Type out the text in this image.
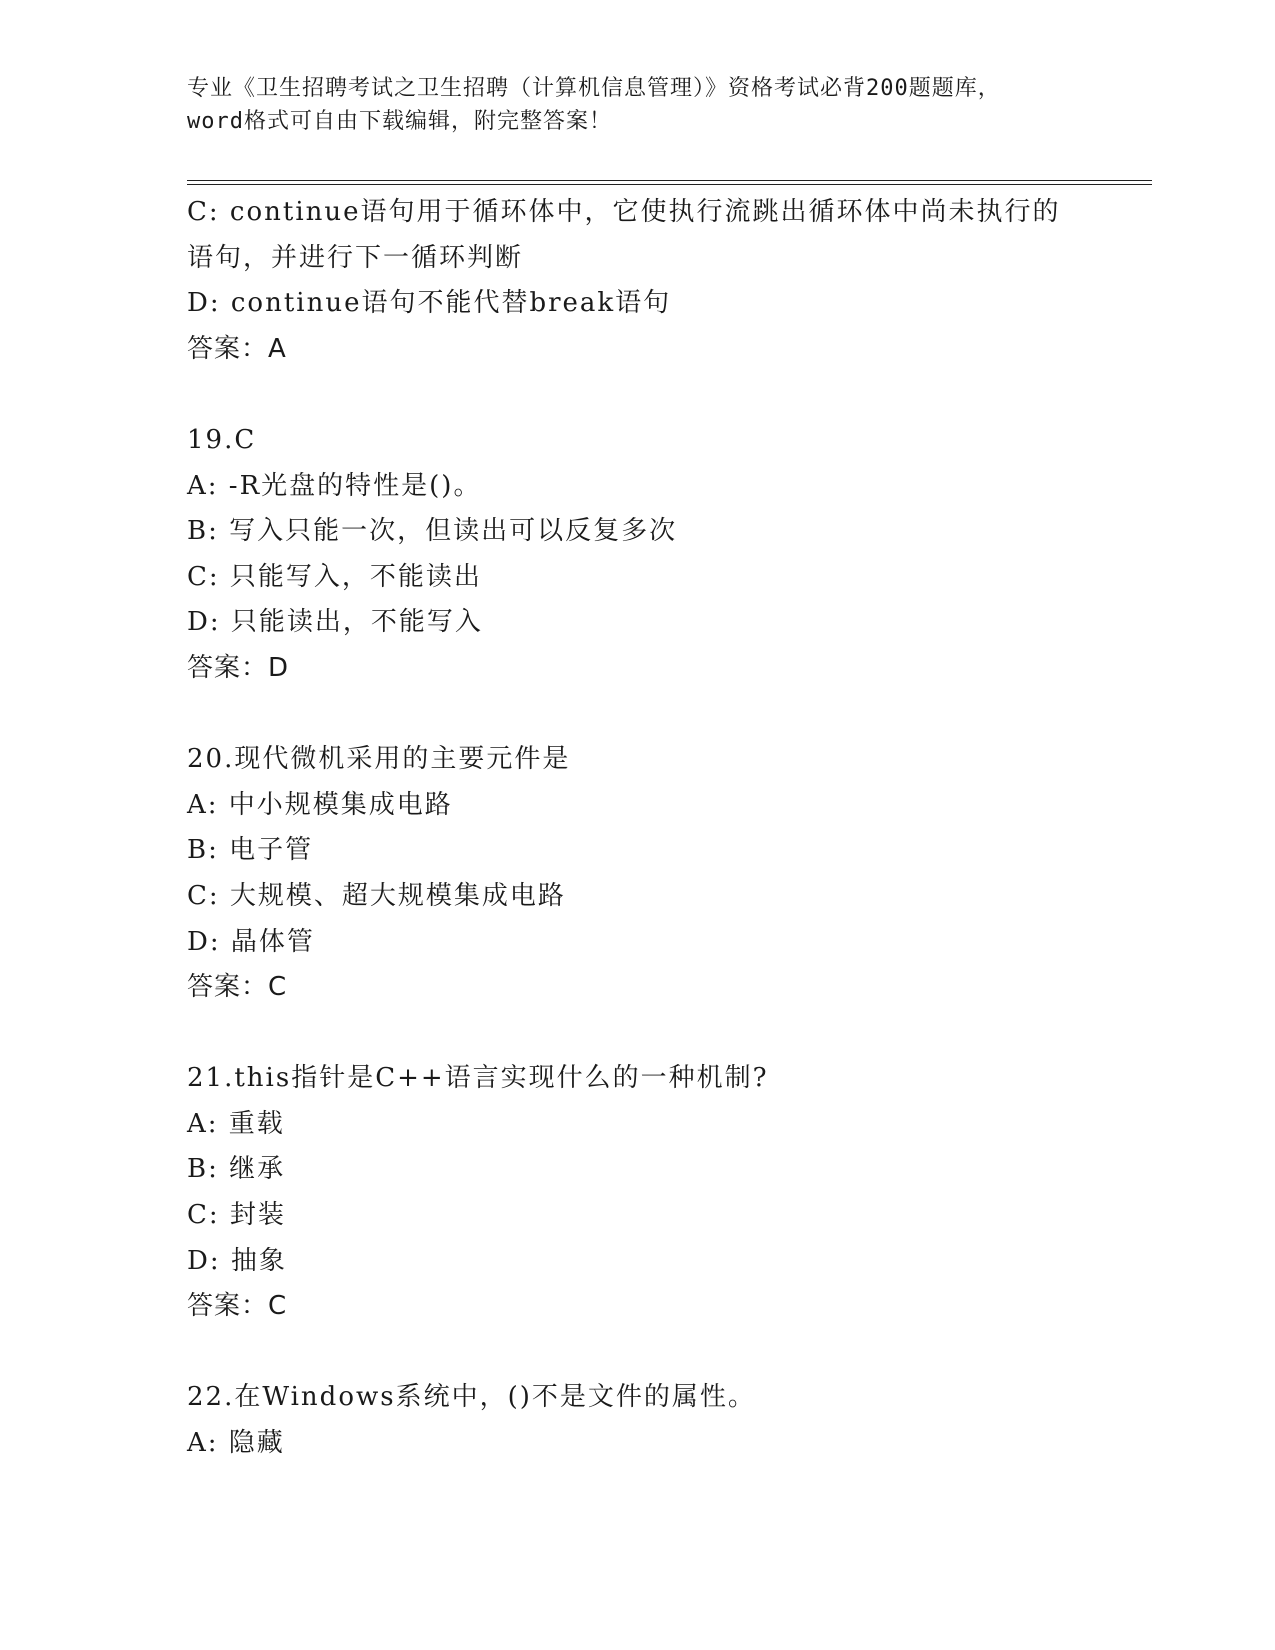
专业《卫生招聘考试之卫生招聘（计算机信息管理）》资格考试必背200题题库，
word格式可自由下载编辑，附完整答案！
C: continue语句用于循环体中，它使执行流跳出循环体中尚未执行的
语句，并进行下一循环判断
D: continue语句不能代替break语句
答案：A
19.C
A: -R光盘的特性是()。
B: 写入只能一次，但读出可以反复多次
C: 只能写入，不能读出
D: 只能读出，不能写入
答案：D
20.现代微机采用的主要元件是
A: 中小规模集成电路
B: 电子管
C: 大规模、超大规模集成电路
D: 晶体管
答案：C
21.this指针是C++语言实现什么的一种机制?
A: 重载
B: 继承
C: 封装
D: 抽象
答案：C
22.在Windows系统中，()不是文件的属性。
A: 隐藏
